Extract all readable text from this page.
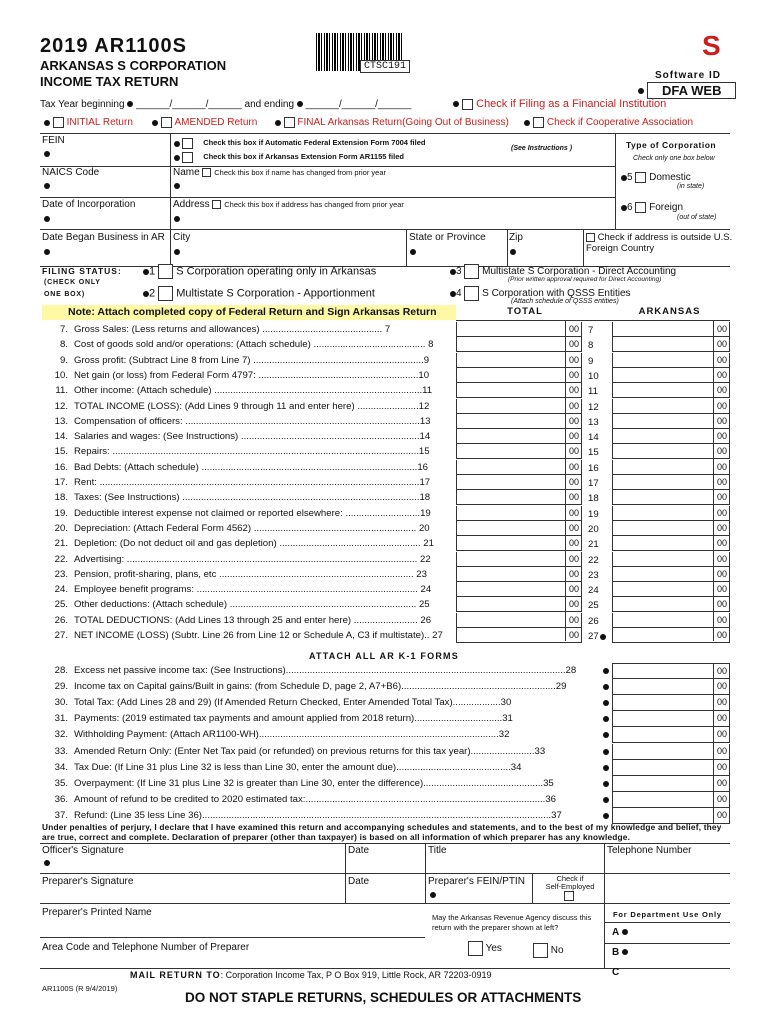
2019 AR1100S
ARKANSAS S CORPORATION
INCOME TAX RETURN
CTSC191
S
Software ID
DFA WEB
Tax Year beginning ______/______/______ and ending ______/______/______	Check if Filing as a Financial Institution
INITIAL Return	AMENDED Return	FINAL Arkansas Return(Going Out of Business)	Check if Cooperative Association
FEIN	Check this box if Automatic Federal Extension Form 7004 filed
Check this box if Arkansas Extension Form AR1155 filed
(See Instructions )	Type of Corporation
Check only one box below
NAICS Code	Name Check this box if name has changed from prior year	5 Domestic
(in state)
Date of Incorporation	Address Check this box if address has changed from prior year	6 Foreign
(out of state)
Date Began Business in AR City	State or Province Zip	Check if address is outside U.S.
Foreign Country
FILING STATUS:
(CHECK ONLY
ONE BOX)
1 S Corporation operating only in Arkansas
2 Multistate S Corporation - Apportionment
3 Multistate S Corporation - Direct Accounting
(Prior written approval required for Direct Accounting)
4 S Corporation with QSSS Entities
(Attach schedule of QSSS entities)
Note: Attach completed copy of Federal Return and Sign Arkansas Return	TOTAL	ARKANSAS
7. Gross Sales: (Less returns and allowances) ............................................. 7	00 7	00
8. Cost of goods sold and/or operations: (Attach schedule) .......................................... 8	00 8	00
9. Gross profit: (Subtract Line 8 from Line 7) ................................................................9	00 9	00
10. Net gain (or loss) from Federal Form 4797: ............................................................10	00 10	00
11. Other income: (Attach schedule) ..............................................................................11	00 11	00
12. TOTAL INCOME (LOSS): (Add Lines 9 through 11 and enter here) .......................12	00 12	00
13. Compensation of officers: ........................................................................................13	00 13	00
14. Salaries and wages: (See Instructions) ...................................................................14	00 14	00
15. Repairs: ...................................................................................................................15	00 15	00
16. Bad Debts: (Attach schedule) .................................................................................16	00 16	00
17. Rent: ........................................................................................................................17	00 17	00
18. Taxes: (See Instructions) .........................................................................................18	00 18	00
19. Deductible interest expense not claimed or reported elsewhere: ............................19	00 19	00
20. Depreciation: (Attach Federal Form 4562) ............................................................. 20	00 20	00
21. Depletion: (Do not deduct oil and gas depletion) ..................................................... 21	00 21	00
22. Advertising: ............................................................................................................. 22	00 22	00
23. Pension, profit-sharing, plans, etc ......................................................................... 23	00 23	00
24. Employee benefit programs: ................................................................................... 24	00 24	00
25. Other deductions: (Attach schedule) ...................................................................... 25	00 25	00
26. TOTAL DEDUCTIONS: (Add Lines 13 through 25 and enter here) ........................ 26	00 26	00
27. NET INCOME (LOSS) (Subtr. Line 26 from Line 12 or Schedule A, C3 if multistate).. 27	00 27	00
ATTACH ALL AR K-1 FORMS
28. Excess net passive income tax: (See Instructions).........................................................................................................28	00
29. Income tax on Capital gains/Built in gains: (from Schedule D, page 2, A7+B6)..........................................................29	00
30. Total Tax: (Add Lines 28 and 29) (If Amended Return Checked, Enter Amended Total Tax)..................30	00
31. Payments: (2019 estimated tax payments and amount applied from 2018 return).................................31	00
32. Withholding Payment: (Attach AR1100-WH)..........................................................................................32	00
33. Amended Return Only: (Enter Net Tax paid (or refunded) on previous returns for this tax year)........................33	00
34. Tax Due: (If Line 31 plus Line 32 is less than Line 30, enter the amount due)...........................................34	00
35. Overpayment: (If Line 31 plus Line 32 is greater than Line 30, enter the difference).............................................35	00
36. Amount of refund to be credited to 2020 estimated tax:..........................................................................................36	00
37. Refund: (Line 35 less Line 36)...................................................................................................................................37	00
Under penalties of perjury, I declare that I have examined this return and accompanying schedules and statements, and to the best of my knowledge and belief, they are true, correct and complete. Declaration of preparer (other than taxpayer) is based on all information of which preparer has any knowledge.
Officer's Signature	Date	Title	Telephone Number
Preparer's Signature	Date	Preparer's FEIN/PTIN	Check if
Self-Employed
Preparer's Printed Name	May the Arkansas Revenue Agency discuss this
return with the preparer shown at left?
Yes	No
For Department Use Only
A
B
C
Area Code and Telephone Number of Preparer
MAIL RETURN TO: Corporation Income Tax, P O Box 919, Little Rock, AR 72203-0919
AR1100S (R 9/4/2019)
DO NOT STAPLE RETURNS, SCHEDULES OR ATTACHMENTS
